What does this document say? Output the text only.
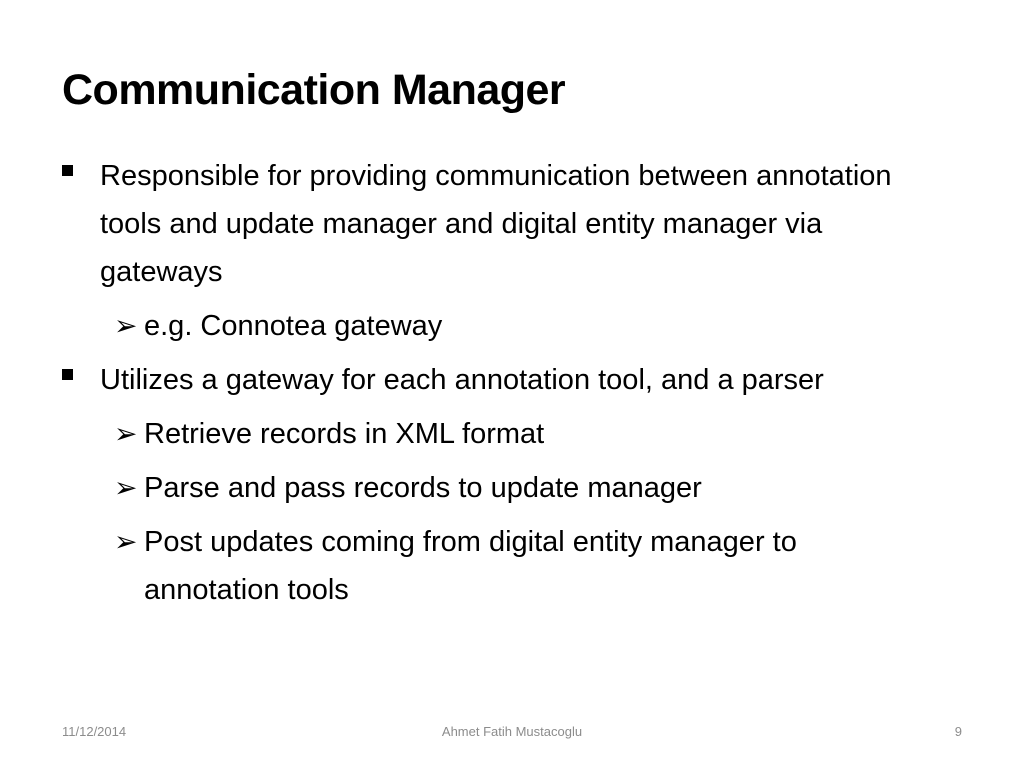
Communication Manager
Responsible for providing communication between annotation tools and update manager and digital entity manager via gateways
➢ e.g. Connotea gateway
Utilizes a gateway for each annotation tool, and a parser
➢ Retrieve records in XML format
➢ Parse and pass records to update manager
➢ Post updates coming from digital entity manager to annotation tools
11/12/2014	Ahmet Fatih Mustacoglu	9
